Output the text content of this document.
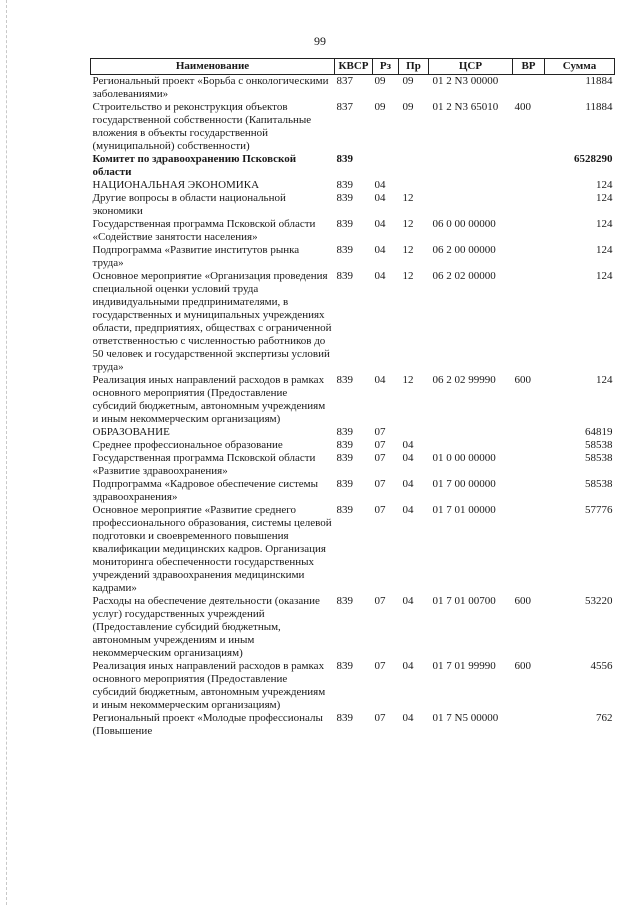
99
Наименование	КВСР	Рз	Пр	ЦСР	ВР	Сумма
Региональный проект «Борьба с онкологическими заболеваниями»	837	09	09	01 2 N3 00000		11884
Строительство и реконструкция объектов государственной собственности (Капитальные вложения в объекты государственной (муниципальной) собственности)	837	09	09	01 2 N3 65010	400	11884
Комитет по здравоохранению Псковской области	839					6528290
НАЦИОНАЛЬНАЯ ЭКОНОМИКА	839	04				124
Другие вопросы в области национальной экономики	839	04	12			124
Государственная программа Псковской области «Содействие занятости населения»	839	04	12	06 0 00 00000		124
Подпрограмма «Развитие институтов рынка труда»	839	04	12	06 2 00 00000		124
Основное мероприятие «Организация проведения специальной оценки условий труда индивидуальными предпринимателями, в государственных и муниципальных учреждениях области, предприятиях, обществах с ограниченной ответственностью с численностью работников до 50 человек и государственной экспертизы условий труда»	839	04	12	06 2 02 00000		124
Реализация иных направлений расходов в рамках основного мероприятия (Предоставление субсидий бюджетным, автономным учреждениям и иным некоммерческим организациям)	839	04	12	06 2 02 99990	600	124
ОБРАЗОВАНИЕ	839	07				64819
Среднее профессиональное образование	839	07	04			58538
Государственная программа Псковской области «Развитие здравоохранения»	839	07	04	01 0 00 00000		58538
Подпрограмма «Кадровое обеспечение системы здравоохранения»	839	07	04	01 7 00 00000		58538
Основное мероприятие «Развитие среднего профессионального образования, системы целевой подготовки и своевременного повышения квалификации медицинских кадров. Организация мониторинга обеспеченности государственных учреждений здравоохранения медицинскими кадрами»	839	07	04	01 7 01 00000		57776
Расходы на обеспечение деятельности (оказание услуг) государственных учреждений (Предоставление субсидий бюджетным, автономным учреждениям и иным некоммерческим организациям)	839	07	04	01 7 01 00700	600	53220
Реализация иных направлений расходов в рамках основного мероприятия (Предоставление субсидий бюджетным, автономным учреждениям и иным некоммерческим организациям)	839	07	04	01 7 01 99990	600	4556
Региональный проект «Молодые профессионалы (Повышение	839	07	04	01 7 N5 00000		762
